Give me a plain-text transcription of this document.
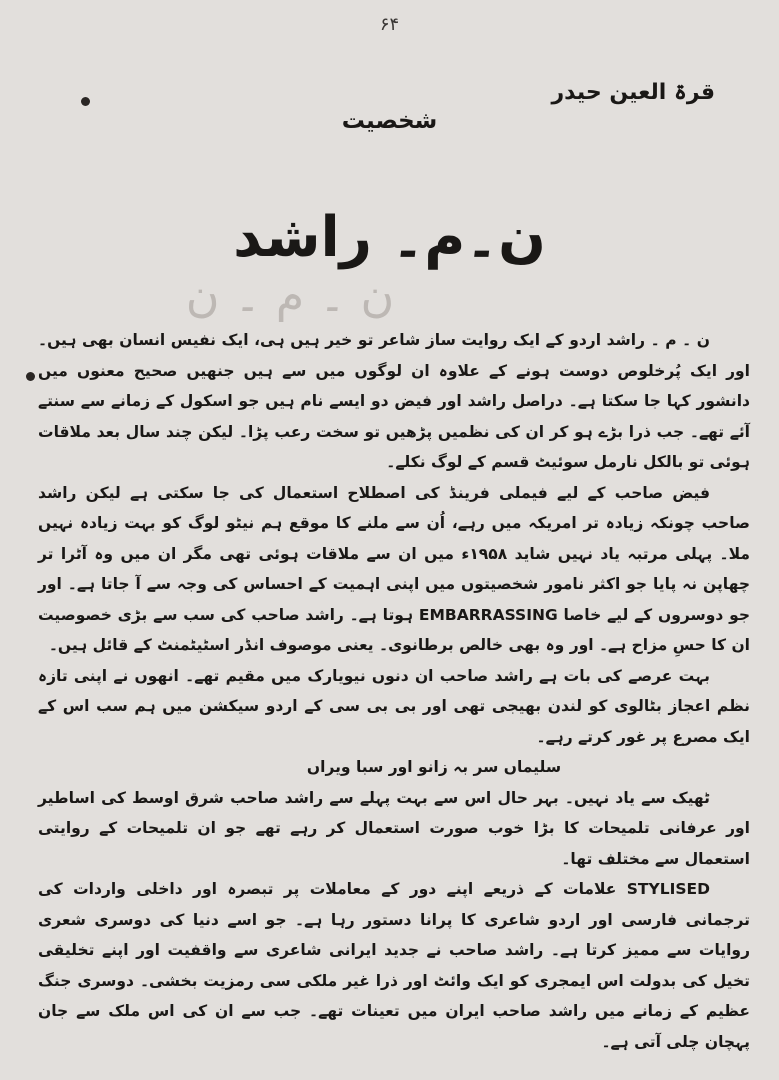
۶۴
قرۃ العین حیدر
شخصیت
ن۔م۔ راشد
ن ۔ م ۔ ن

ن ۔ م ۔ راشد اردو کے ایک روایت ساز شاعر تو خیر ہیں ہی، ایک نفیس انسان بھی ہیں۔ اور ایک پُرخلوص دوست ہونے کے علاوہ ان لوگوں میں سے ہیں جنھیں صحیح معنوں میں دانشور کہا جا سکتا ہے۔ دراصل راشد اور فیض دو ایسے نام ہیں جو اسکول کے زمانے سے سنتے آئے تھے۔ جب ذرا بڑے ہو کر ان کی نظمیں پڑھیں تو سخت رعب پڑا۔ لیکن چند سال بعد ملاقات ہوئی تو بالکل نارمل سوئیٹ قسم کے لوگ نکلے۔

فیض صاحب کے لیے فیملی فرینڈ کی اصطلاح استعمال کی جا سکتی ہے لیکن راشد صاحب چونکہ زیادہ تر امریکہ میں رہے، اُن سے ملنے کا موقع ہم نیٹو لوگ کو بہت زیادہ نہیں ملا۔ پہلی مرتبہ یاد نہیں شاید ۱۹۵۸ء میں ان سے ملاقات ہوئی تھی مگر ان میں وہ آٹرا تر چھاپن نہ پایا جو اکثر نامور شخصیتوں میں اپنی اہمیت کے احساس کی وجہ سے آ جاتا ہے۔ اور جو دوسروں کے لیے خاصا EMBARRASSING ہوتا ہے۔ راشد صاحب کی سب سے بڑی خصوصیت ان کا حسِ مزاح ہے۔ اور وہ بھی خالص برطانوی۔ یعنی موصوف انڈر اسٹیٹمنٹ کے قائل ہیں۔

بہت عرصے کی بات ہے راشد صاحب ان دنوں نیویارک میں مقیم تھے۔ انھوں نے اپنی تازہ نظم اعجاز بٹالوی کو لندن بھیجی تھی اور بی بی سی کے اردو سیکشن میں ہم سب اس کے ایک مصرع پر غور کرتے رہے۔

سلیماں سر بہ زانو اور سبا ویراں

ٹھیک سے یاد نہیں۔ بہر حال اس سے بہت پہلے سے راشد صاحب شرق اوسط کی اساطیر اور عرفانی تلمیحات کا بڑا خوب صورت استعمال کر رہے تھے جو ان تلمیحات کے روایتی استعمال سے مختلف تھا۔

STYLISED علامات کے ذریعے اپنے دور کے معاملات پر تبصرہ اور داخلی واردات کی ترجمانی فارسی اور اردو شاعری کا پرانا دستور رہا ہے۔ جو اسے دنیا کی دوسری شعری روایات سے ممیز کرتا ہے۔ راشد صاحب نے جدید ایرانی شاعری سے واقفیت اور اپنے تخلیقی تخیل کی بدولت اس ایمجری کو ایک وائٹ اور ذرا غیر ملکی سی رمزیت بخشی۔ دوسری جنگ عظیم کے زمانے میں راشد صاحب ایران میں تعینات تھے۔ جب سے ان کی اس ملک سے جان پہچان چلی آتی ہے۔
